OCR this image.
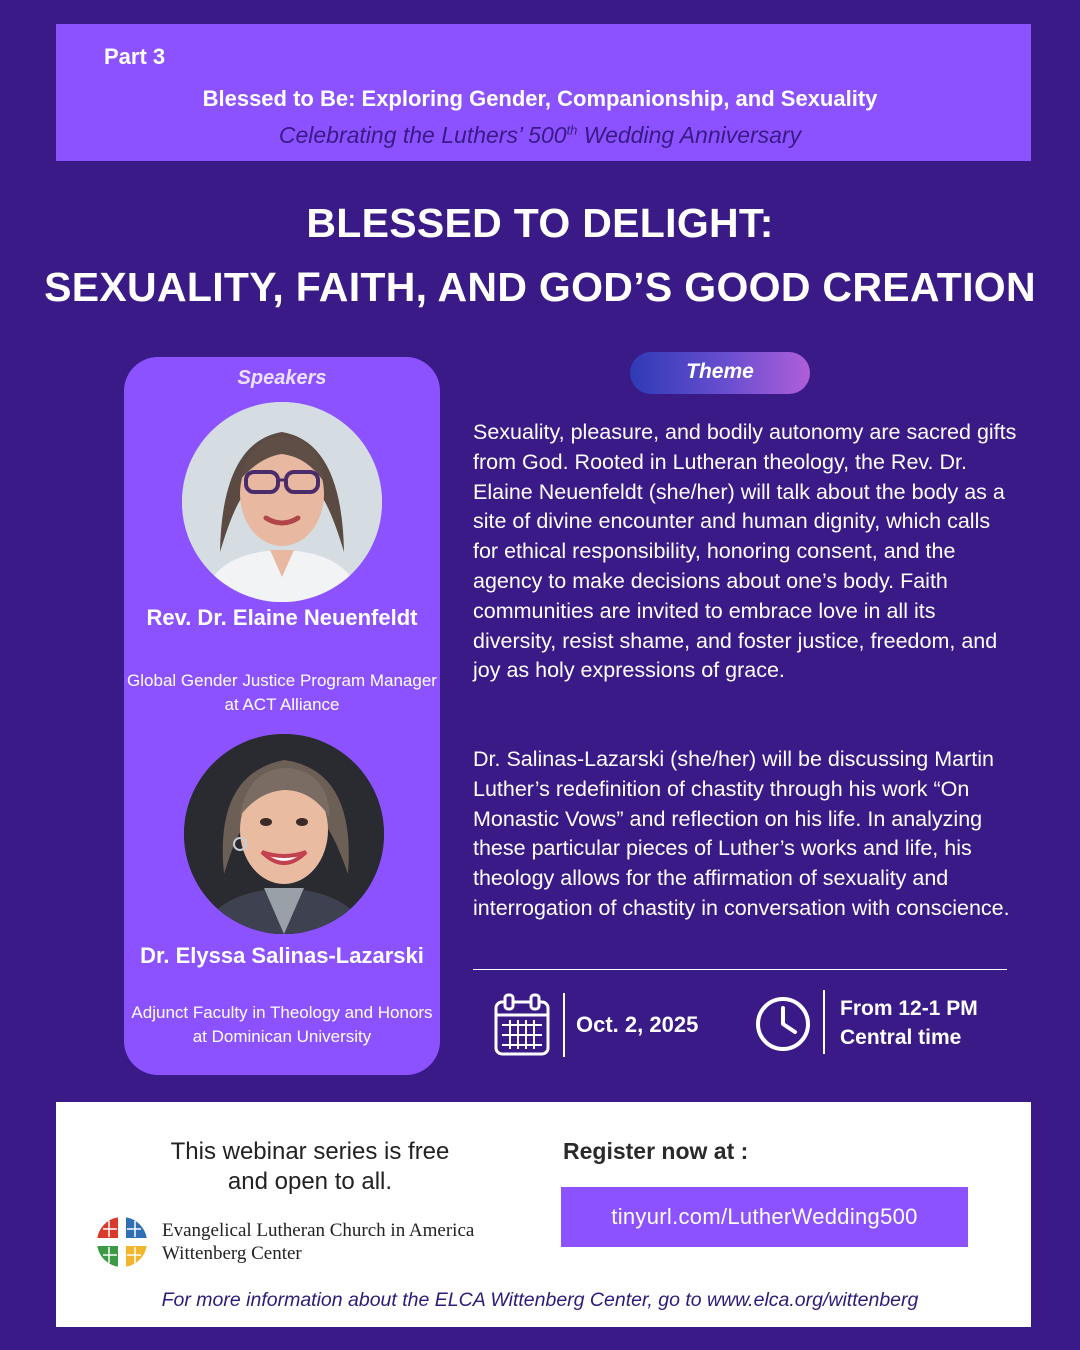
Part 3
Blessed to Be: Exploring Gender, Companionship, and Sexuality
Celebrating the Luthers’ 500th Wedding Anniversary
BLESSED TO DELIGHT:
SEXUALITY, FAITH, AND GOD’S GOOD CREATION
Speakers
Rev. Dr. Elaine Neuenfeldt
Global Gender Justice Program Manager at ACT Alliance
Dr. Elyssa Salinas-Lazarski
Adjunct Faculty in Theology and Honors at Dominican University
Theme
Sexuality, pleasure, and bodily autonomy are sacred gifts from God. Rooted in Lutheran theology, the Rev. Dr. Elaine Neuenfeldt (she/her) will talk about the body as a site of divine encounter and human dignity, which calls for ethical responsibility, honoring consent, and the agency to make decisions about one’s body. Faith communities are invited to embrace love in all its diversity, resist shame, and foster justice, freedom, and joy as holy expressions of grace.
Dr. Salinas-Lazarski (she/her) will be discussing Martin Luther’s redefinition of chastity through his work “On Monastic Vows” and reflection on his life. In analyzing these particular pieces of Luther’s works and life, his theology allows for the affirmation of sexuality and interrogation of chastity in conversation with conscience.
Oct. 2, 2025
From 12-1 PM
Central time
This webinar series is free
and open to all.
Register now at :
tinyurl.com/LutherWedding500
Evangelical Lutheran Church in America
Wittenberg Center
For more information about the ELCA Wittenberg Center, go to www.elca.org/wittenberg
